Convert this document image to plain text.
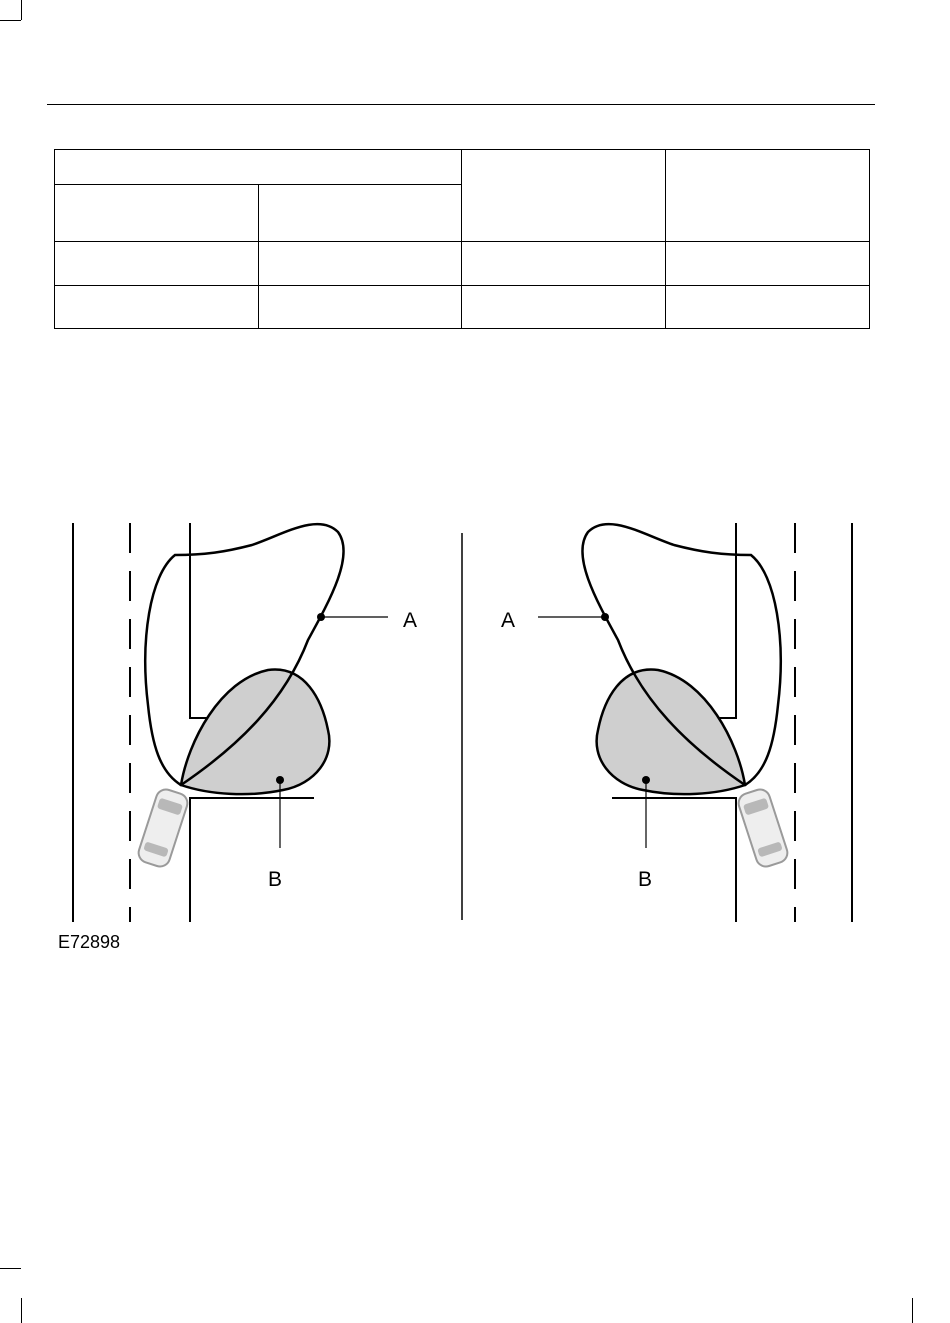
A
B
A
B
E72898
